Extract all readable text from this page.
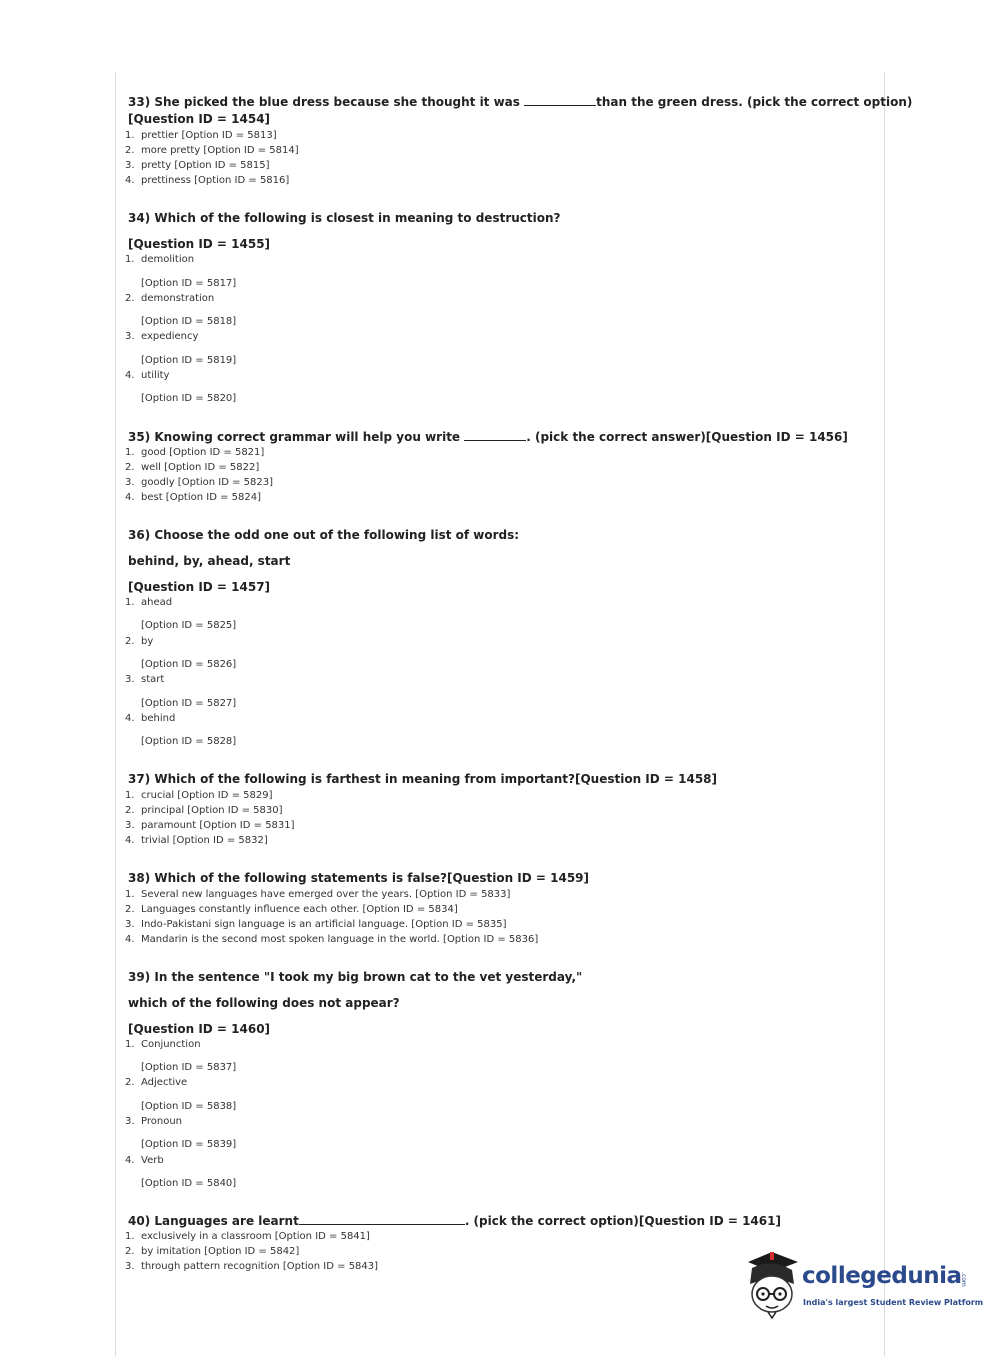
33) She picked the blue dress because she thought it was	than the green dress. (pick the correct option)
[Question ID = 1454]
1. prettier [Option ID = 5813]
2. more pretty [Option ID = 5814]
3. pretty [Option ID = 5815]
4. prettiness [Option ID = 5816]
34) Which of the following is closest in meaning to destruction?
[Question ID = 1455]
1. demolition
[Option ID = 5817]
2. demonstration
[Option ID = 5818]
3. expediency
[Option ID = 5819]
4. utility
[Option ID = 5820]
35) Knowing correct grammar will help you write	. (pick the correct answer)[Question ID = 1456]
1. good [Option ID = 5821]
2. well [Option ID = 5822]
3. goodly [Option ID = 5823]
4. best [Option ID = 5824]
36) Choose the odd one out of the following list of words:
behind, by, ahead, start
[Question ID = 1457]
1. ahead
[Option ID = 5825]
2. by
[Option ID = 5826]
3. start
[Option ID = 5827]
4. behind
[Option ID = 5828]
37) Which of the following is farthest in meaning from important?[Question ID = 1458]
1. crucial [Option ID = 5829]
2. principal [Option ID = 5830]
3. paramount [Option ID = 5831]
4. trivial [Option ID = 5832]
38) Which of the following statements is false?[Question ID = 1459]
1. Several new languages have emerged over the years. [Option ID = 5833]
2. Languages constantly influence each other. [Option ID = 5834]
3. Indo-Pakistani sign language is an artificial language. [Option ID = 5835]
4. Mandarin is the second most spoken language in the world. [Option ID = 5836]
39) In the sentence "I took my big brown cat to the vet yesterday,"
which of the following does not appear?
[Question ID = 1460]
1. Conjunction
[Option ID = 5837]
2. Adjective
[Option ID = 5838]
3. Pronoun
[Option ID = 5839]
4. Verb
[Option ID = 5840]
40) Languages are learnt	. (pick the correct option)[Question ID = 1461]
1. exclusively in a classroom [Option ID = 5841]
2. by imitation [Option ID = 5842]
3. through pattern recognition [Option ID = 5843]	collegedunia
.com
India's largest Student Review Platform
